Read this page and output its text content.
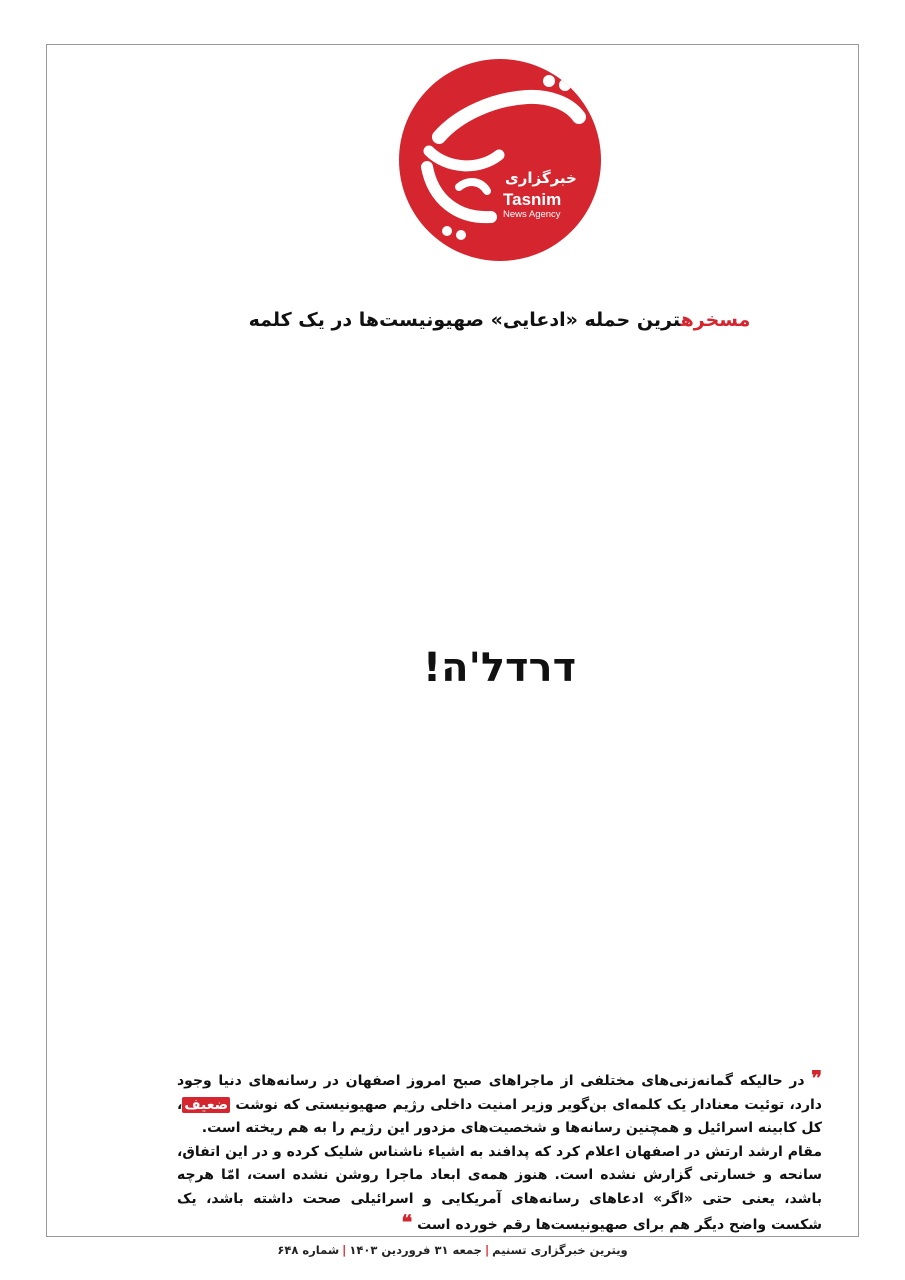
خبرگزاری
Tasnim
News Agency
مسخرهترین حمله «ادعایی» صهیونیست‌ها در یک کلمه
דרדל'ה!

❞ در حالیکه گمانه‌زنی‌های مختلفی از ماجراهای صبح امروز اصفهان در رسانه‌های دنیا وجود دارد، توئیت معنادار یک کلمه‌ای بن‌گویر وزیر امنیت داخلی رژیم صهیونیستی که نوشت ضعیف، کل کابینه اسرائیل و همچنین رسانه‌ها و شخصیت‌های مزدور این رژیم را به هم ریخته است.

مقام ارشد ارتش در اصفهان اعلام کرد که پدافند به اشیاء ناشناس شلیک کرده و در این اتفاق، سانحه و خسارتی گزارش نشده است. هنوز همه‌ی ابعاد ماجرا روشن نشده است، امّا هرچه باشد، یعنی حتی «اگر» ادعاهای رسانه‌های آمریکایی و اسرائیلی صحت داشته باشد، یک شکست واضح دیگر هم برای صهیونیست‌ها رقم خورده است ❝

ویترین خبرگزاری تسنیم|جمعه ۳۱ فروردین ۱۴۰۳|شماره ۶۴۸
